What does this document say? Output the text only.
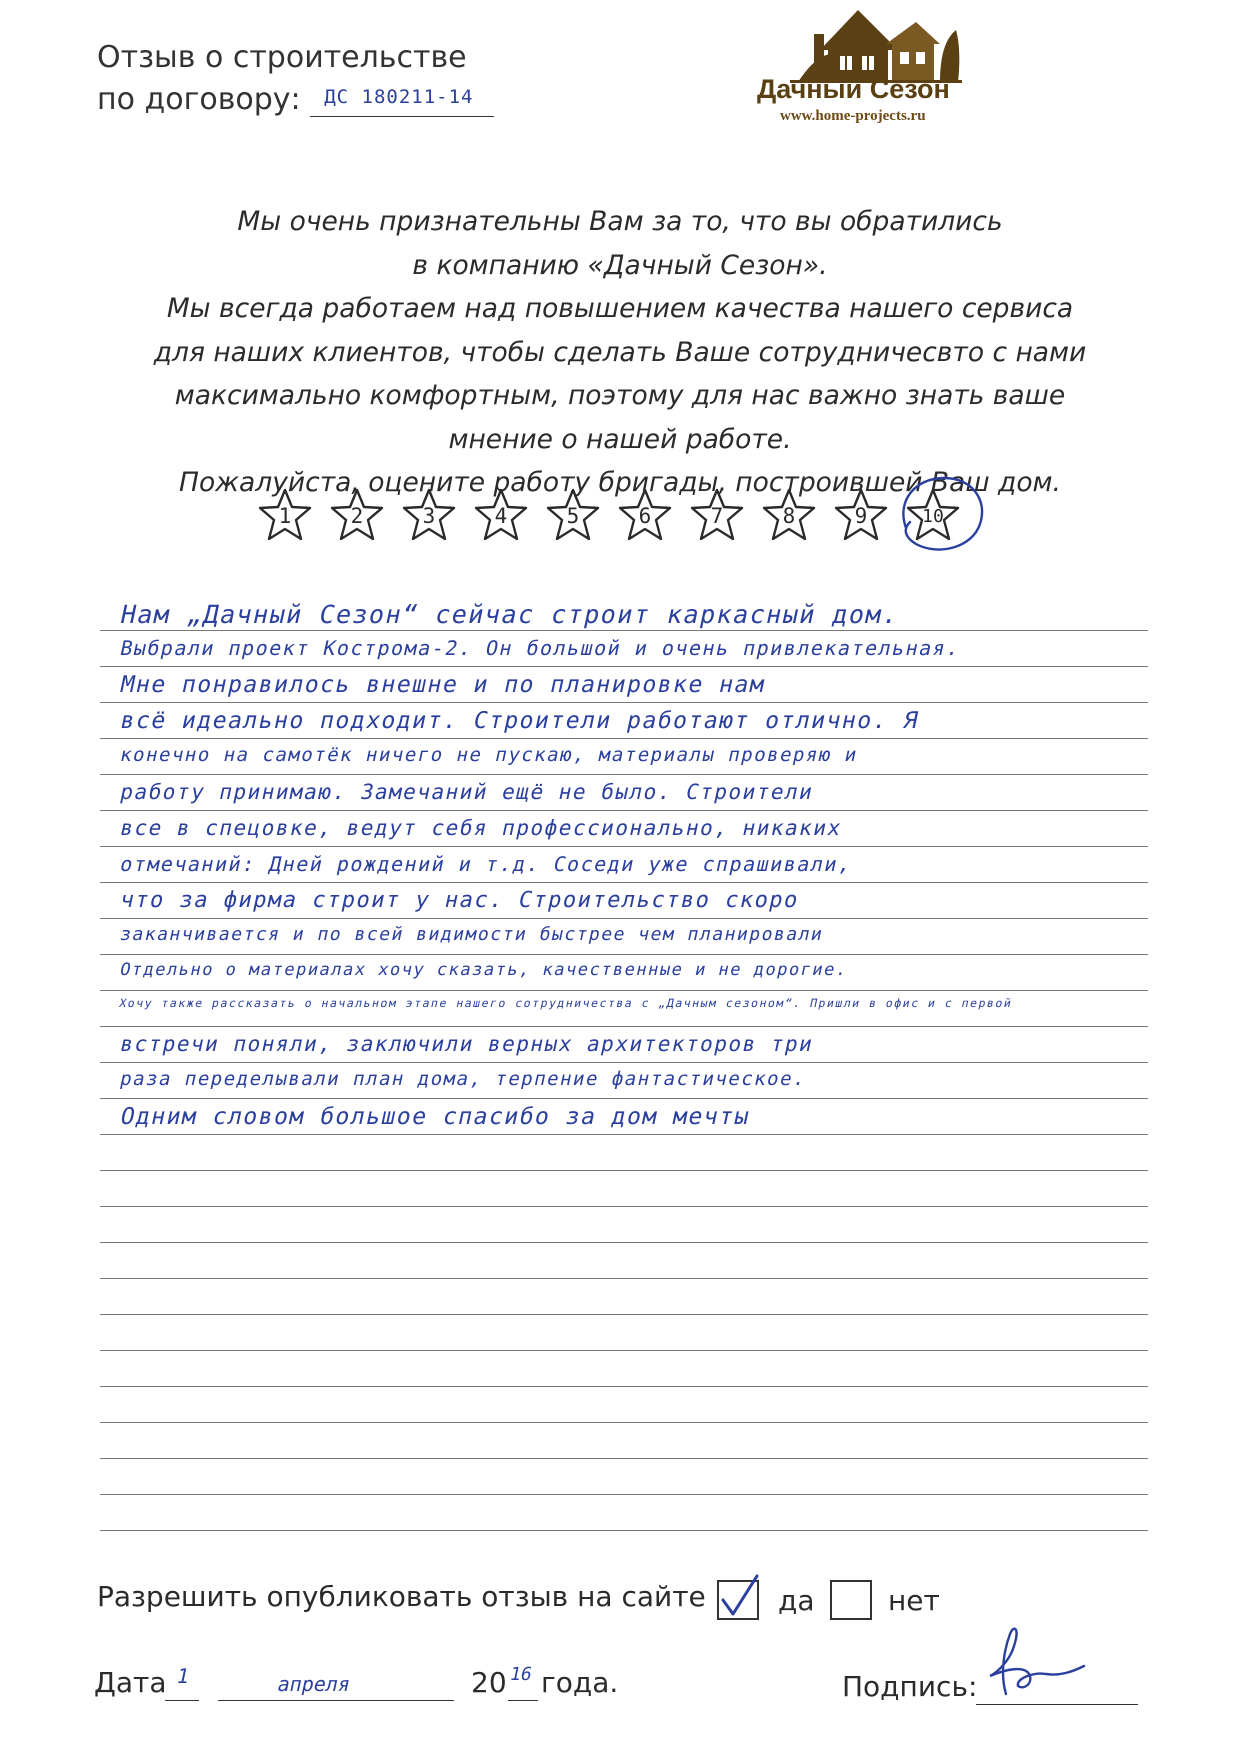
Отзыв о строительстве
по договору: ДС 180211-14	Дачный Сезон
www.home-projects.ru
Мы очень признательны Вам за то, что вы обратились
в компанию «Дачный Сезон».
Мы всегда работаем над повышением качества нашего сервиса
для наших клиентов, чтобы сделать Ваше сотрудничесвто с нами
максимально комфортным, поэтому для нас важно знать ваше
мнение о нашей работе.
Пожалуйста, оцените работу бригады, построившей Ваш дом.
1	2	3	4	5	6	7	8	9	10
Нам „Дачный Сезон“ сейчас строит каркасный дом.
Выбрали проект Кострома-2. Он большой и очень привлекательная.
Мне понравилось внешне и по планировке нам
всё идеально подходит. Строители работают отлично. Я
конечно на самотёк ничего не пускаю, материалы проверяю и
работу принимаю. Замечаний ещё не было. Строители
все в спецовке, ведут себя профессионально, никаких
отмечаний: Дней рождений и т.д. Соседи уже спрашивали,
что за фирма строит у нас. Строительство скоро
заканчивается и по всей видимости быстрее чем планировали
Отдельно о материалах хочу сказать, качественные и не дорогие.
Хочу также рассказать о начальном этапе нашего сотрудничества с „Дачным сезоном“. Пришли в офис и с первой
встречи поняли, заключили верных архитекторов три
раза переделывали план дома, терпение фантастическое.
Одним словом большое спасибо за дом мечты
Разрешить опубликовать отзыв на сайте	да	нет
Дата 1	апреля	20 16 года.	Подпись:
